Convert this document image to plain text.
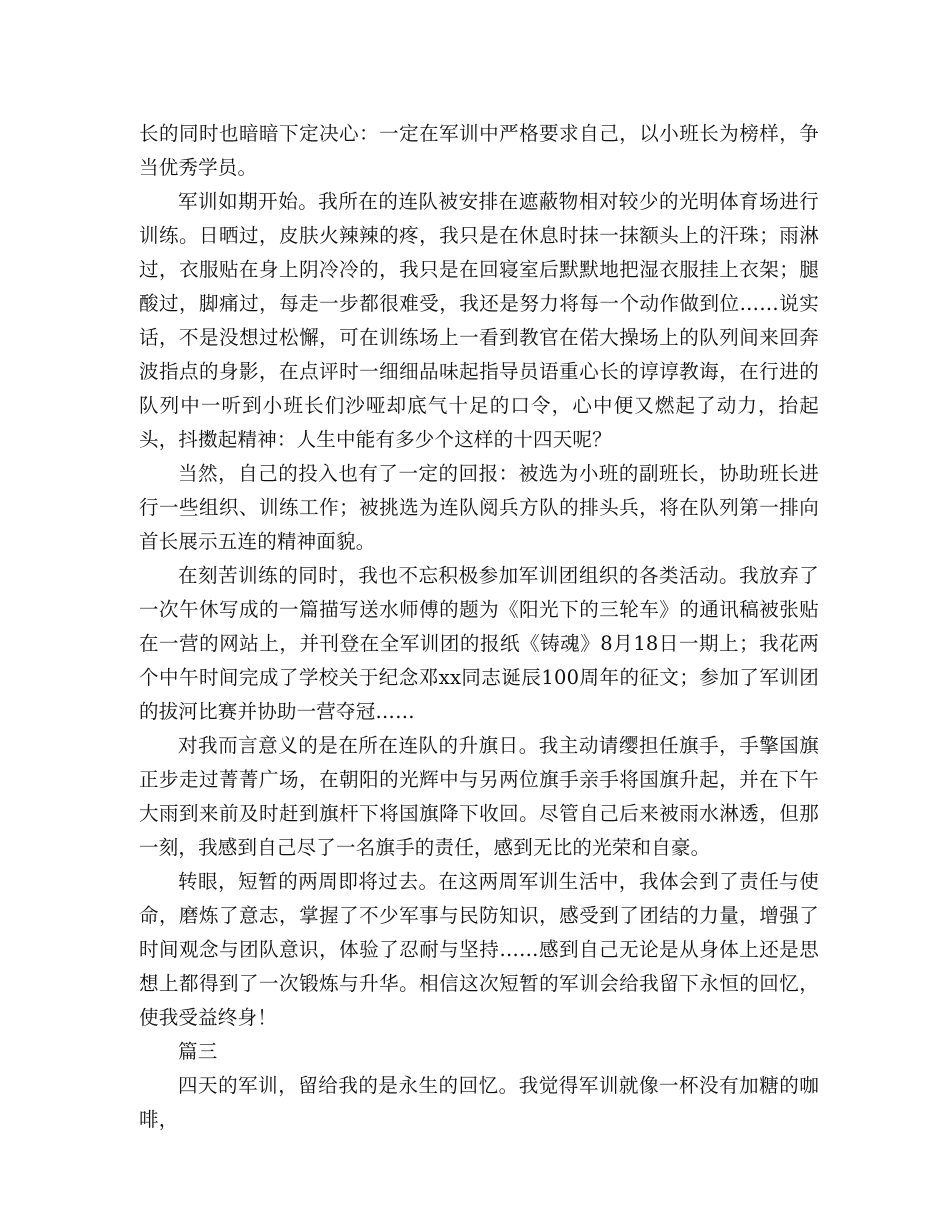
长的同时也暗暗下定决心：一定在军训中严格要求自己，以小班长为榜样，争当优秀学员。

军训如期开始。我所在的连队被安排在遮蔽物相对较少的光明体育场进行训练。日晒过，皮肤火辣辣的疼，我只是在休息时抹一抹额头上的汗珠；雨淋过，衣服贴在身上阴冷冷的，我只是在回寝室后默默地把湿衣服挂上衣架；腿酸过，脚痛过，每走一步都很难受，我还是努力将每一个动作做到位……说实话，不是没想过松懈，可在训练场上一看到教官在偌大操场上的队列间来回奔波指点的身影，在点评时一细细品味起指导员语重心长的谆谆教诲，在行进的队列中一听到小班长们沙哑却底气十足的口令，心中便又燃起了动力，抬起头，抖擞起精神：人生中能有多少个这样的十四天呢？

当然，自己的投入也有了一定的回报：被选为小班的副班长，协助班长进行一些组织、训练工作；被挑选为连队阅兵方队的排头兵，将在队列第一排向首长展示五连的精神面貌。

在刻苦训练的同时，我也不忘积极参加军训团组织的各类活动。我放弃了一次午休写成的一篇描写送水师傅的题为《阳光下的三轮车》的通讯稿被张贴在一营的网站上，并刊登在全军训团的报纸《铸魂》8月18日一期上；我花两个中午时间完成了学校关于纪念邓xx同志诞辰100周年的征文；参加了军训团的拔河比赛并协助一营夺冠……

对我而言意义的是在所在连队的升旗日。我主动请缨担任旗手，手擎国旗正步走过菁菁广场，在朝阳的光辉中与另两位旗手亲手将国旗升起，并在下午大雨到来前及时赶到旗杆下将国旗降下收回。尽管自己后来被雨水淋透，但那一刻，我感到自己尽了一名旗手的责任，感到无比的光荣和自豪。

转眼，短暂的两周即将过去。在这两周军训生活中，我体会到了责任与使命，磨炼了意志，掌握了不少军事与民防知识，感受到了团结的力量，增强了时间观念与团队意识，体验了忍耐与坚持……感到自己无论是从身体上还是思想上都得到了一次锻炼与升华。相信这次短暂的军训会给我留下永恒的回忆，使我受益终身！

篇三

四天的军训，留给我的是永生的回忆。我觉得军训就像一杯没有加糖的咖啡，
